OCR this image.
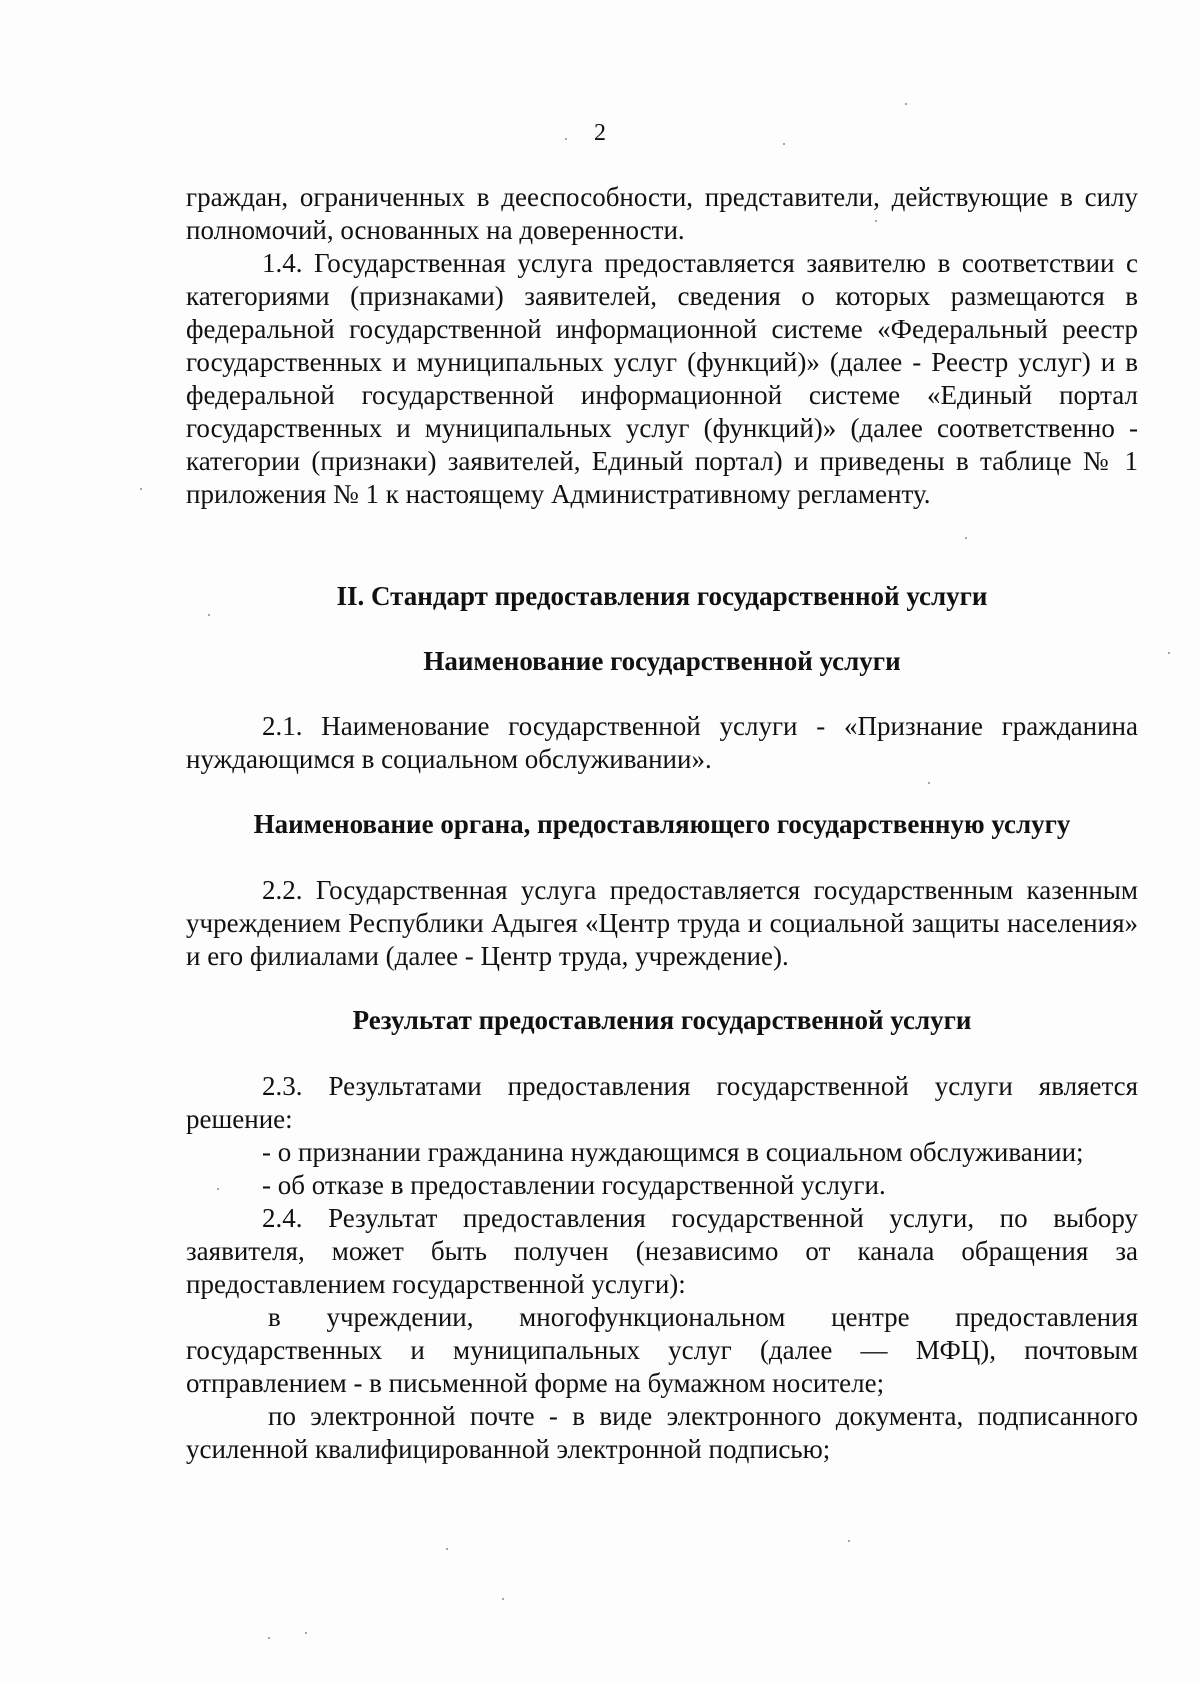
2

граждан, ограниченных в дееспособности, представители, действующие в силу полномочий, основанных на доверенности.

1.4. Государственная услуга предоставляется заявителю в соответствии с категориями (признаками) заявителей, сведения о которых размещаются в федеральной государственной информационной системе «Федеральный реестр государственных и муниципальных услуг (функций)» (далее - Реестр услуг) и в федеральной государственной информационной системе «Единый портал государственных и муниципальных услуг (функций)» (далее соответственно - категории (признаки) заявителей, Единый портал) и приведены в таблице № 1 приложения № 1 к настоящему Административному регламенту.

II. Стандарт предоставления государственной услуги

Наименование государственной услуги

2.1. Наименование государственной услуги - «Признание гражданина нуждающимся в социальном обслуживании».

Наименование органа, предоставляющего государственную услугу

2.2. Государственная услуга предоставляется государственным казенным учреждением Республики Адыгея «Центр труда и социальной защиты населения» и его филиалами (далее - Центр труда, учреждение).

Результат предоставления государственной услуги

2.3. Результатами предоставления государственной услуги является решение:

- о признании гражданина нуждающимся в социальном обслуживании;

- об отказе в предоставлении государственной услуги.

2.4. Результат предоставления государственной услуги, по выбору заявителя, может быть получен (независимо от канала обращения за предоставлением государственной услуги):

в учреждении, многофункциональном центре предоставления государственных и муниципальных услуг (далее — МФЦ), почтовым отправлением - в письменной форме на бумажном носителе;

по электронной почте - в виде электронного документа, подписанного усиленной квалифицированной электронной подписью;
